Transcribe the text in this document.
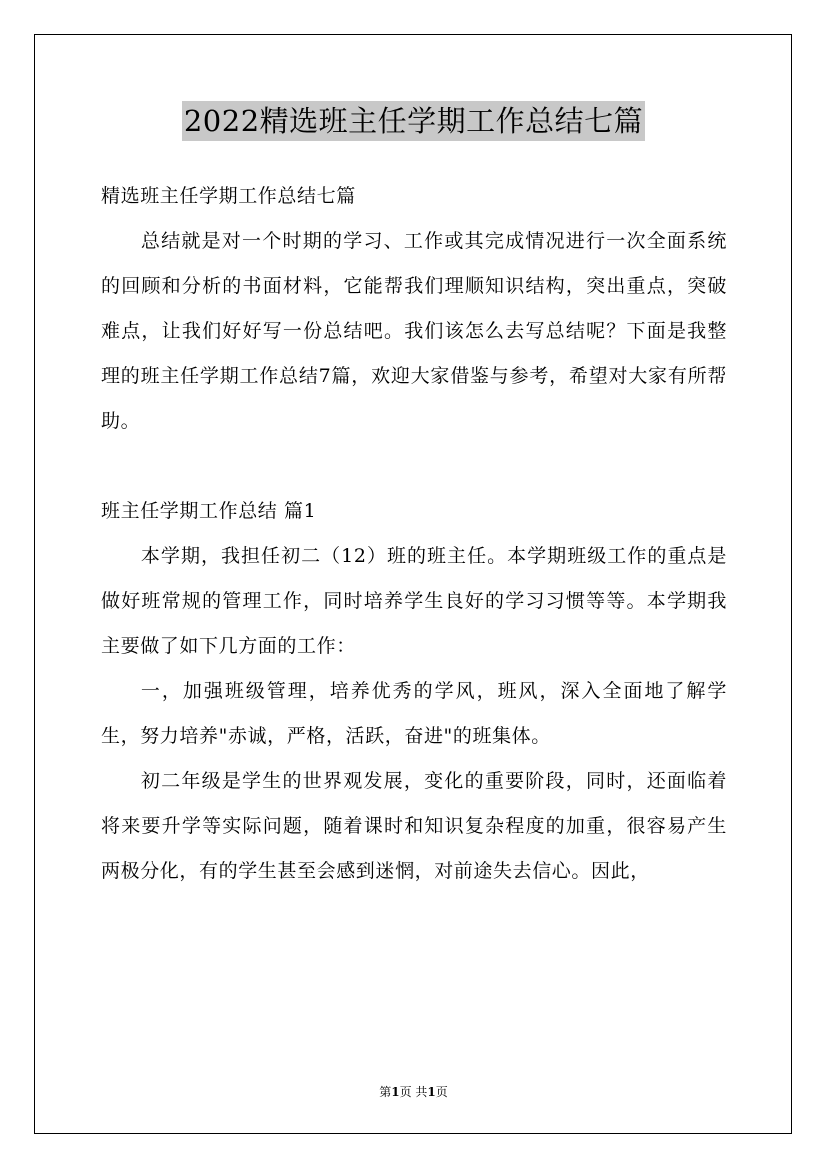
2022精选班主任学期工作总结七篇

精选班主任学期工作总结七篇

总结就是对一个时期的学习、工作或其完成情况进行一次全面系统的回顾和分析的书面材料，它能帮我们理顺知识结构，突出重点，突破难点，让我们好好写一份总结吧。我们该怎么去写总结呢？下面是我整理的班主任学期工作总结7篇，欢迎大家借鉴与参考，希望对大家有所帮助。

班主任学期工作总结 篇1

本学期，我担任初二（12）班的班主任。本学期班级工作的重点是做好班常规的管理工作，同时培养学生良好的学习习惯等等。本学期我主要做了如下几方面的工作：

一，加强班级管理，培养优秀的学风，班风，深入全面地了解学生，努力培养"赤诚，严格，活跃，奋进"的班集体。

初二年级是学生的世界观发展，变化的重要阶段，同时，还面临着将来要升学等实际问题，随着课时和知识复杂程度的加重，很容易产生两极分化，有的学生甚至会感到迷惘，对前途失去信心。因此，

第1页 共1页
